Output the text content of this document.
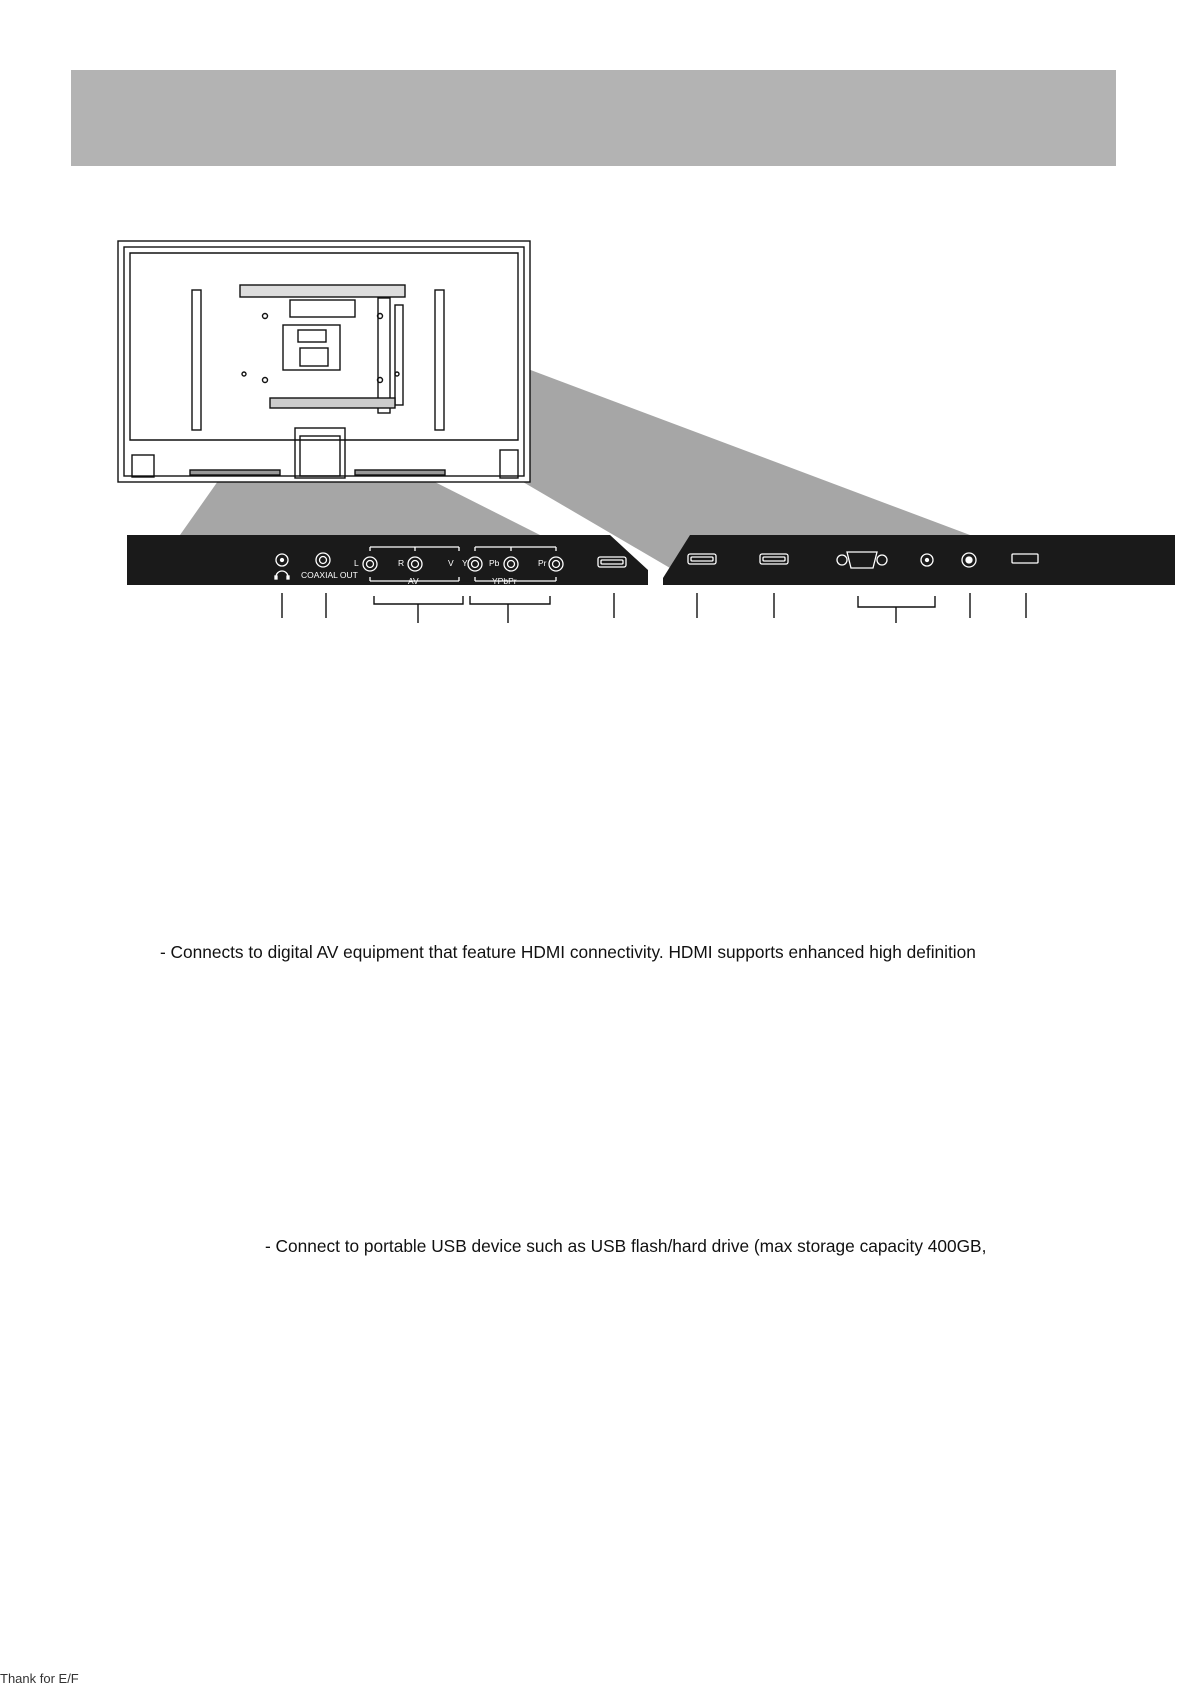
COAXIAL OUT
L	R	V
AV
Y	Pb	Pr
YPbPr
- Connects to digital AV equipment that feature HDMI connectivity. HDMI supports enhanced high definition
- Connect to portable USB device such as USB flash/hard drive (max storage capacity 400GB,
Thank for E/F
